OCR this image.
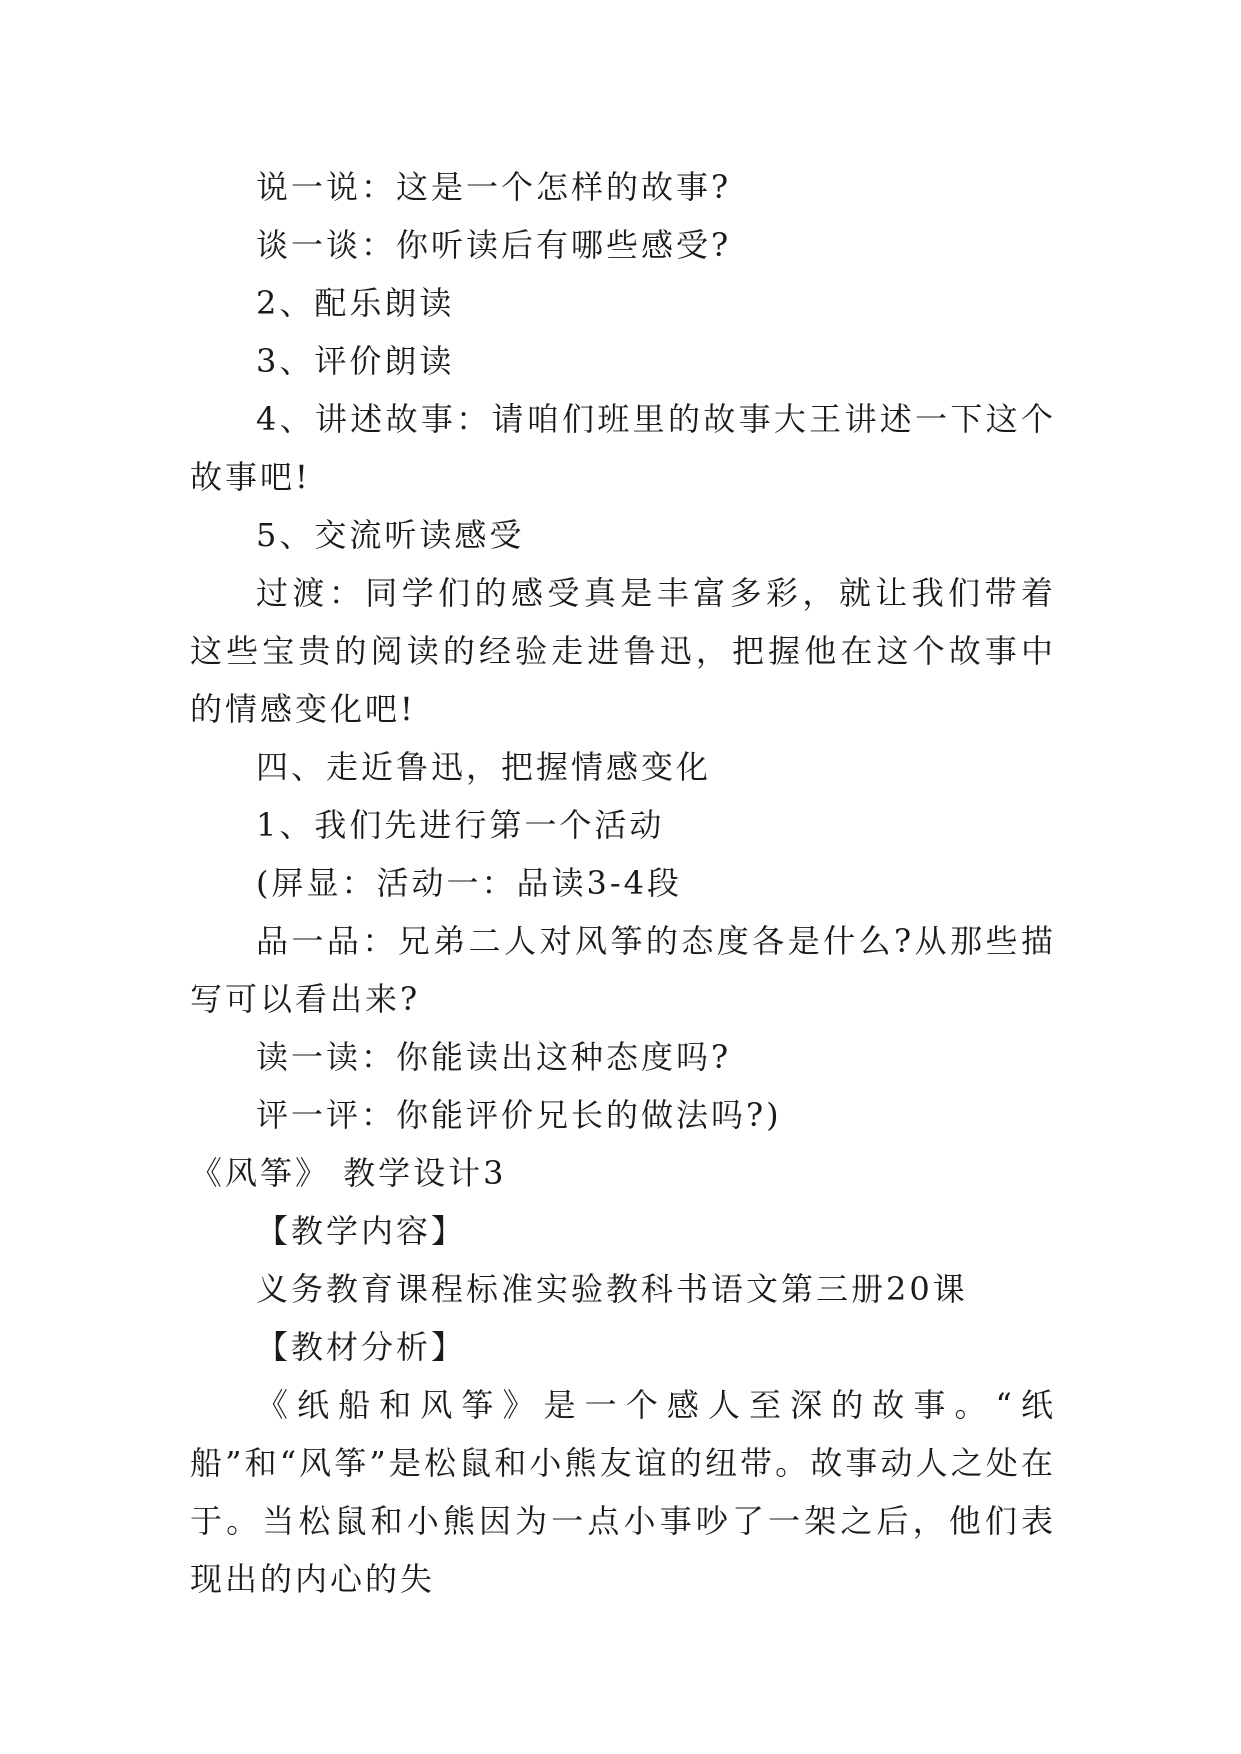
说一说：这是一个怎样的故事?

谈一谈：你听读后有哪些感受?

2、配乐朗读

3、评价朗读

4、讲述故事：请咱们班里的故事大王讲述一下这个故事吧!

5、交流听读感受

过渡：同学们的感受真是丰富多彩，就让我们带着这些宝贵的阅读的经验走进鲁迅，把握他在这个故事中的情感变化吧!

四、走近鲁迅，把握情感变化

1、我们先进行第一个活动

(屏显：活动一：品读3-4段

品一品：兄弟二人对风筝的态度各是什么?从那些描写可以看出来?

读一读：你能读出这种态度吗?

评一评：你能评价兄长的做法吗?)

《风筝》 教学设计3

【教学内容】

义务教育课程标准实验教科书语文第三册20课

【教材分析】

《纸船和风筝》是一个感人至深的故事。“纸船”和“风筝”是松鼠和小熊友谊的纽带。故事动人之处在于。当松鼠和小熊因为一点小事吵了一架之后，他们表现出的内心的失
